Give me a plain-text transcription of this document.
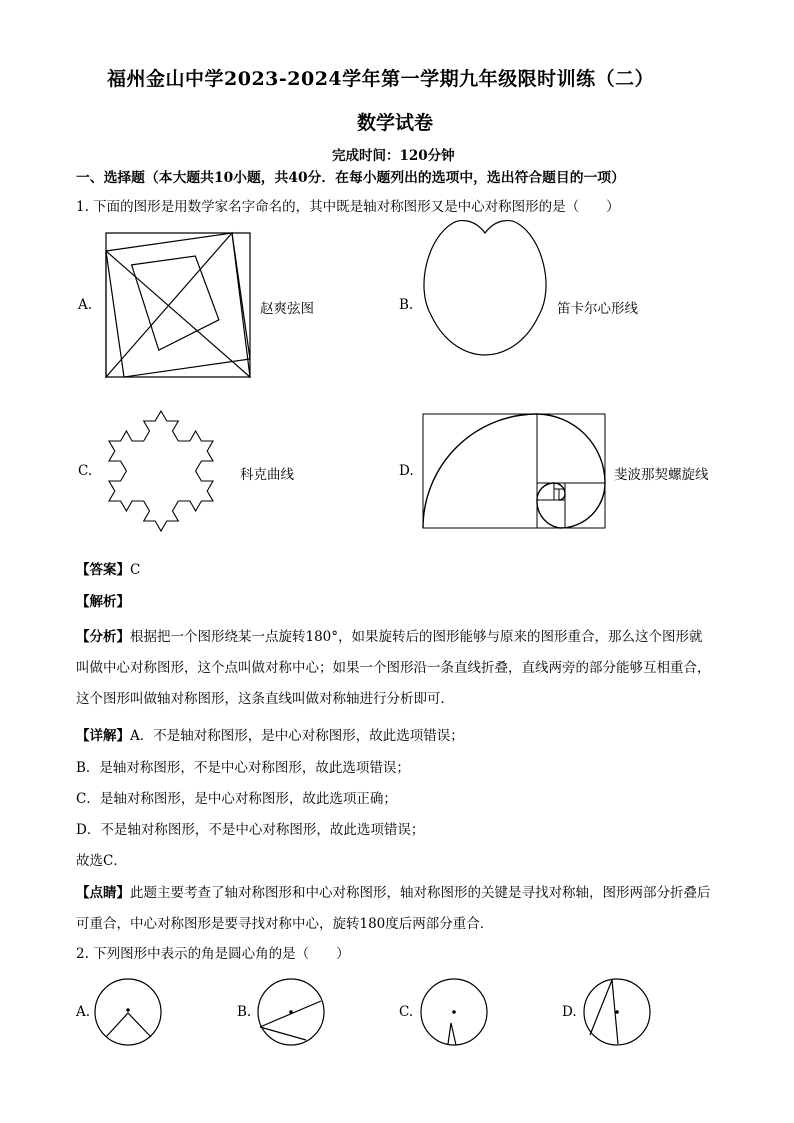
福州金山中学2023-2024学年第一学期九年级限时训练（二）
数学试卷
完成时间：120分钟
一、选择题（本大题共10小题，共40分．在每小题列出的选项中，选出符合题目的一项）
1. 下面的图形是用数学家名字命名的，其中既是轴对称图形又是中心对称图形的是（　　）
A.	赵爽弦图	B.	笛卡尔心形线
C.	科克曲线	D.	斐波那契螺旋线
【答案】C
【解析】
【分析】根据把一个图形绕某一点旋转180°，如果旋转后的图形能够与原来的图形重合，那么这个图形就叫做中心对称图形，这个点叫做对称中心；如果一个图形沿一条直线折叠，直线两旁的部分能够互相重合，这个图形叫做轴对称图形，这条直线叫做对称轴进行分析即可．
【详解】A．不是轴对称图形，是中心对称图形，故此选项错误；
B．是轴对称图形，不是中心对称图形，故此选项错误；
C．是轴对称图形，是中心对称图形，故此选项正确；
D．不是轴对称图形，不是中心对称图形，故此选项错误；
故选C．
【点睛】此题主要考查了轴对称图形和中心对称图形，轴对称图形的关键是寻找对称轴，图形两部分折叠后可重合，中心对称图形是要寻找对称中心，旋转180度后两部分重合．
2. 下列图形中表示的角是圆心角的是（　　）
A.	B.	C.	D.
